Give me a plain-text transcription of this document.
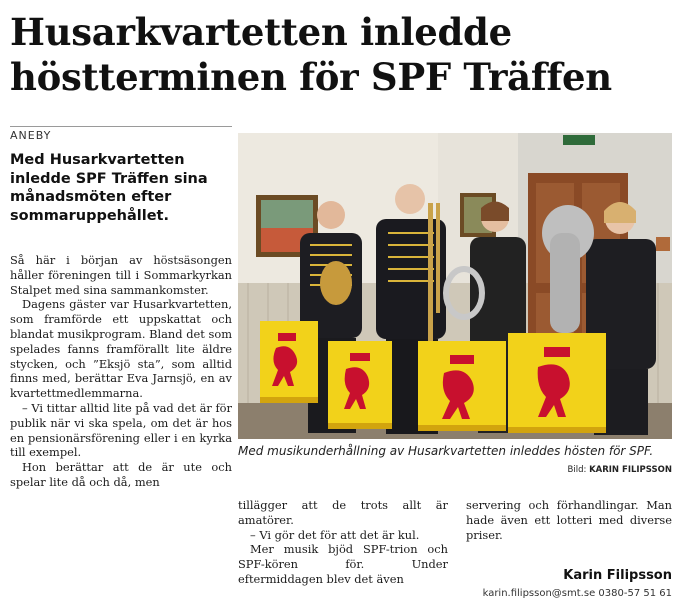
Husarkvartetten inledde höstterminen för SPF Träffen
ANEBY

Med Husarkvartetten inledde SPF Träffen sina månadsmöten efter sommaruppehållet.

Så här i början av höstsäsongen håller föreningen till i Sommarkyrkan Stalpet med sina sammankomster.

Dagens gäster var Husarkvartetten, som framförde ett uppskattat och blandat musikprogram. Bland det som spelades fanns framförallt lite äldre stycken, och ”Eksjö sta”, som alltid finns med, berättar Eva Jarnsjö, en av kvartettmedlemmarna.

– Vi tittar alltid lite på vad det är för publik när vi ska spela, om det är hos en pensionärsförening eller i en kyrka till exempel.

Hon berättar att de är ute och spelar lite då och då, men

Med musikunderhållning av Husarkvartetten inleddes hösten för SPF.

Bild: KARIN FILIPSSON

tillägger att de trots allt är amatörer.

– Vi gör det för att det är kul.

Mer musik bjöd SPF-trion och SPF-kören för. Under eftermiddagen blev det även

servering och förhandlingar. Man hade även ett lotteri med diverse priser.

Karin Filipsson
karin.filipsson@smt.se 0380-57 51 61
